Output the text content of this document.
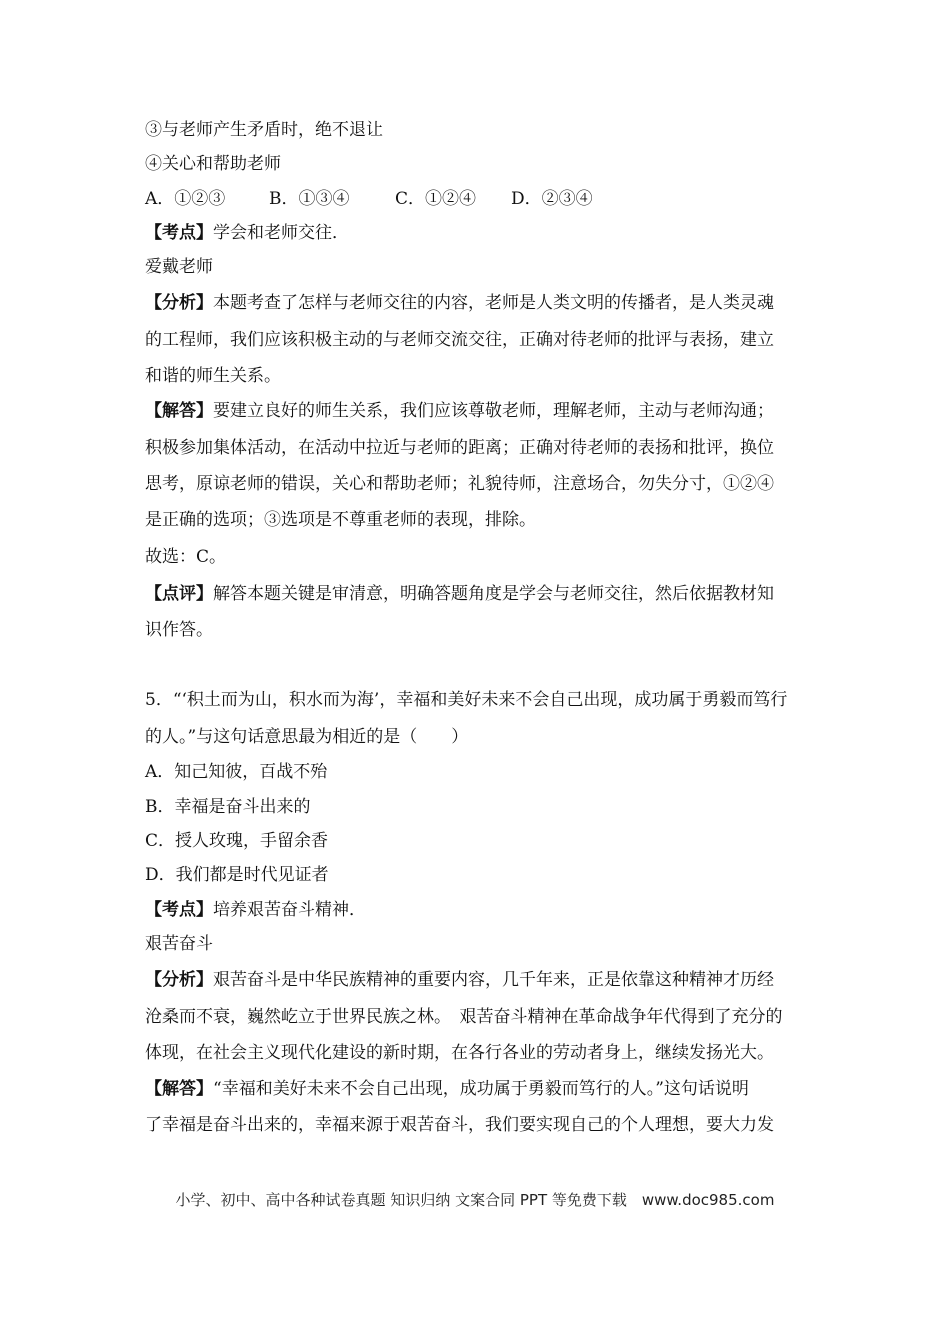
③与老师产生矛盾时，绝不退让
④关心和帮助老师
A．①②③	B．①③④	C．①②④ D．②③④
【考点】学会和老师交往．
爱戴老师
【分析】本题考查了怎样与老师交往的内容，老师是人类文明的传播者，是人类灵魂
的工程师，我们应该积极主动的与老师交流交往，正确对待老师的批评与表扬，建立
和谐的师生关系。
【解答】要建立良好的师生关系，我们应该尊敬老师，理解老师，主动与老师沟通；
积极参加集体活动，在活动中拉近与老师的距离；正确对待老师的表扬和批评，换位
思考，原谅老师的错误，关心和帮助老师；礼貌待师，注意场合，勿失分寸，①②④
是正确的选项；③选项是不尊重老师的表现，排除。
故选：C。
【点评】解答本题关键是审清意，明确答题角度是学会与老师交往，然后依据教材知
识作答。
5．“‘积土而为山，积水而为海’，幸福和美好未来不会自己出现，成功属于勇毅而笃行
的人。”与这句话意思最为相近的是（　　）
A．知己知彼，百战不殆
B．幸福是奋斗出来的
C．授人玫瑰，手留余香
D．我们都是时代见证者
【考点】培养艰苦奋斗精神．
艰苦奋斗
【分析】艰苦奋斗是中华民族精神的重要内容，几千年来，正是依靠这种精神才历经
沧桑而不衰，巍然屹立于世界民族之林。　艰苦奋斗精神在革命战争年代得到了充分的
体现，在社会主义现代化建设的新时期，在各行各业的劳动者身上，继续发扬光大。
【解答】“幸福和美好未来不会自己出现，成功属于勇毅而笃行的人。”这句话说明
了幸福是奋斗出来的，幸福来源于艰苦奋斗，我们要实现自己的个人理想，要大力发
小学、初中、高中各种试卷真题 知识归纳 文案合同 PPT 等免费下载　www.doc985.com
